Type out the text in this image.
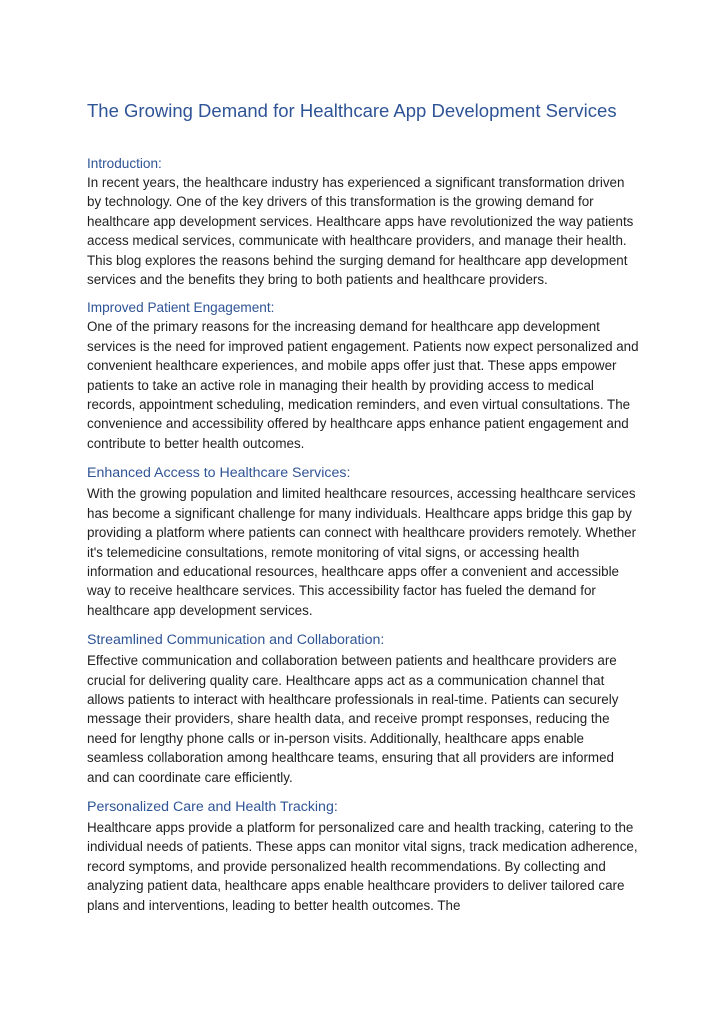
The Growing Demand for Healthcare App Development Services
Introduction:

In recent years, the healthcare industry has experienced a significant transformation driven by technology. One of the key drivers of this transformation is the growing demand for healthcare app development services. Healthcare apps have revolutionized the way patients access medical services, communicate with healthcare providers, and manage their health. This blog explores the reasons behind the surging demand for healthcare app development services and the benefits they bring to both patients and healthcare providers.

Improved Patient Engagement:

One of the primary reasons for the increasing demand for healthcare app development services is the need for improved patient engagement. Patients now expect personalized and convenient healthcare experiences, and mobile apps offer just that. These apps empower patients to take an active role in managing their health by providing access to medical records, appointment scheduling, medication reminders, and even virtual consultations. The convenience and accessibility offered by healthcare apps enhance patient engagement and contribute to better health outcomes.

Enhanced Access to Healthcare Services:

With the growing population and limited healthcare resources, accessing healthcare services has become a significant challenge for many individuals. Healthcare apps bridge this gap by providing a platform where patients can connect with healthcare providers remotely. Whether it's telemedicine consultations, remote monitoring of vital signs, or accessing health information and educational resources, healthcare apps offer a convenient and accessible way to receive healthcare services. This accessibility factor has fueled the demand for healthcare app development services.

Streamlined Communication and Collaboration:

Effective communication and collaboration between patients and healthcare providers are crucial for delivering quality care. Healthcare apps act as a communication channel that allows patients to interact with healthcare professionals in real-time. Patients can securely message their providers, share health data, and receive prompt responses, reducing the need for lengthy phone calls or in-person visits. Additionally, healthcare apps enable seamless collaboration among healthcare teams, ensuring that all providers are informed and can coordinate care efficiently.

Personalized Care and Health Tracking:

Healthcare apps provide a platform for personalized care and health tracking, catering to the individual needs of patients. These apps can monitor vital signs, track medication adherence, record symptoms, and provide personalized health recommendations. By collecting and analyzing patient data, healthcare apps enable healthcare providers to deliver tailored care plans and interventions, leading to better health outcomes. The
